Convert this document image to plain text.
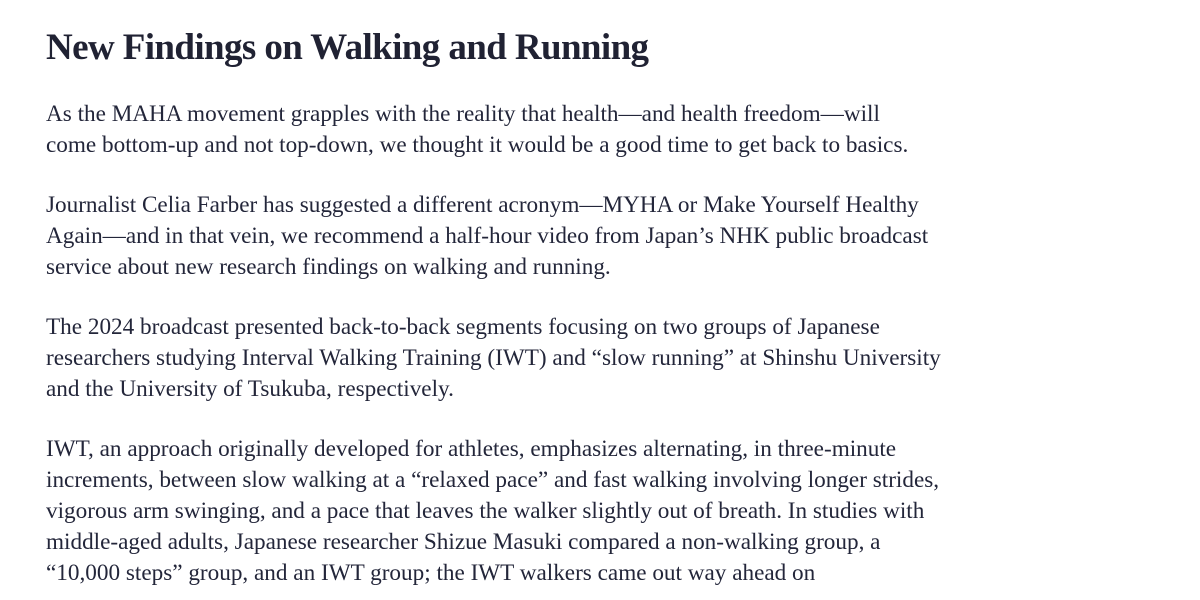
New Findings on Walking and Running

As the MAHA movement grapples with the reality that health—and health freedom—will
come bottom-up and not top-down, we thought it would be a good time to get back to basics.

Journalist Celia Farber has suggested a different acronym—MYHA or Make Yourself Healthy
Again—and in that vein, we recommend a half-hour video from Japan’s NHK public broadcast
service about new research findings on walking and running.

The 2024 broadcast presented back-to-back segments focusing on two groups of Japanese
researchers studying Interval Walking Training (IWT) and “slow running” at Shinshu University
and the University of Tsukuba, respectively.

IWT, an approach originally developed for athletes, emphasizes alternating, in three-minute
increments, between slow walking at a “relaxed pace” and fast walking involving longer strides,
vigorous arm swinging, and a pace that leaves the walker slightly out of breath. In studies with
middle-aged adults, Japanese researcher Shizue Masuki compared a non-walking group, a
“10,000 steps” group, and an IWT group; the IWT walkers came out way ahead on
